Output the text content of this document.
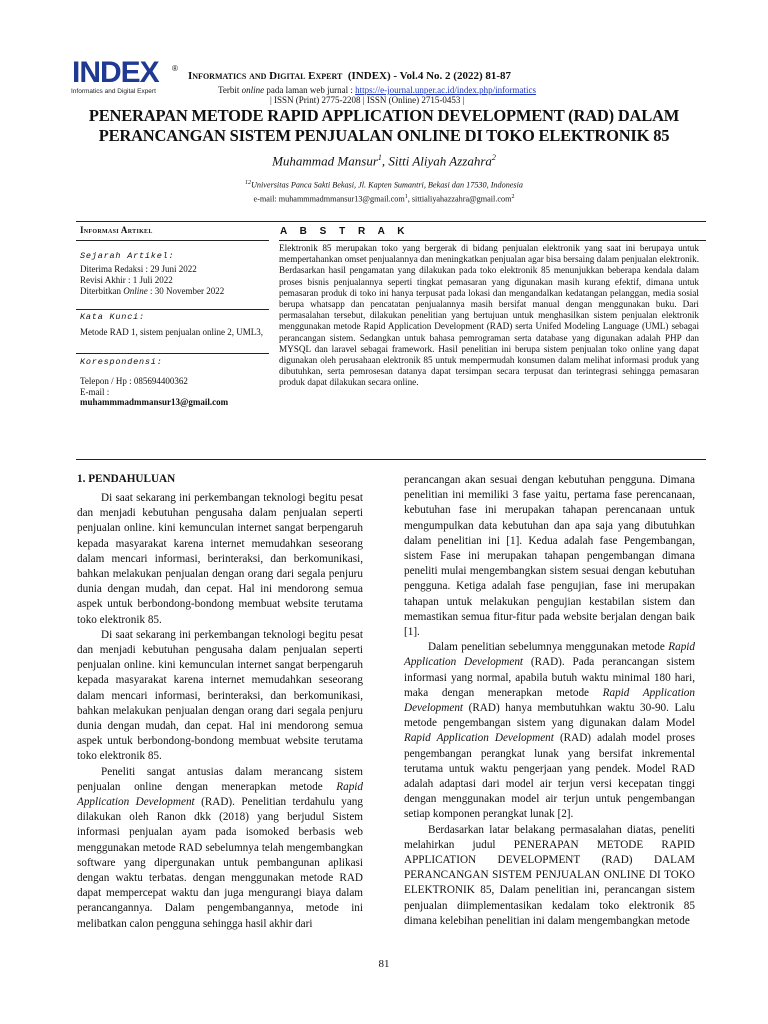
INDEX ®
Informatics and Digital Expert
Informatics and Digital Expert (INDEX) - Vol.4 No. 2 (2022) 81-87
Terbit online pada laman web jurnal : https://e-journal.unper.ac.id/index.php/informatics
| ISSN (Print) 2775-2208 | ISSN (Online) 2715-0453 |
PENERAPAN METODE RAPID APPLICATION DEVELOPMENT (RAD) DALAM
PERANCANGAN SISTEM PENJUALAN ONLINE DI TOKO ELEKTRONIK 85
Muhammad Mansur$^1$, Sitti Aliyah Azzahra$^2$
$^{12}$Universitas Panca Sakti Bekasi, Jl. Kapten Sumantri, Bekasi dan 17530, Indonesia
e-mail: muhammmadmmansur13@gmail.com$^1$, sittialiyahazzahra@gmail.com$^2$
Informasi Artikel	A B S T R A K
Sejarah Artikel:
Diterima Redaksi : 29 Juni 2022
Revisi Akhir : 1 Juli 2022
Diterbitkan Online : 30 November 2022
Kata Kunci:
Metode RAD 1, sistem penjualan online 2, UML3,
Korespondensi:
Telepon / Hp : 085694400362
E-mail :
muhammmadmmansur13@gmail.com
Elektronik 85 merupakan toko yang bergerak di bidang penjualan elektronik yang saat ini berupaya untuk mempertahankan omset penjualannya dan meningkatkan penjualan agar bisa bersaing dalam penjualan elektronik. Berdasarkan hasil pengamatan yang dilakukan pada toko elektronik 85 menunjukkan beberapa kendala dalam proses bisnis penjualannya seperti tingkat pemasaran yang digunakan masih kurang efektif, dimana untuk pemasaran produk di toko ini hanya terpusat pada lokasi dan mengandalkan kedatangan pelanggan, media sosial berupa whatsapp dan pencatatan penjualannya masih bersifat manual dengan menggunakan buku. Dari permasalahan tersebut, dilakukan penelitian yang bertujuan untuk menghasilkan sistem penjualan elektronik menggunakan metode Rapid Application Development (RAD) serta Unifed Modeling Language (UML) sebagai perancangan sistem. Sedangkan untuk bahasa pemrograman serta database yang digunakan adalah PHP dan MYSQL dan laravel sebagai framework. Hasil penelitian ini berupa sistem penjualan toko online yang dapat digunakan oleh perusahaan elektronik 85 untuk mempermudah konsumen dalam melihat informasi produk yang dibutuhkan, serta pemrosesan datanya dapat tersimpan secara terpusat dan terintegrasi sehingga pemasaran produk dapat dilakukan secara online.
1. PENDAHULUAN

Di saat sekarang ini perkembangan teknologi begitu pesat dan menjadi kebutuhan pengusaha dalam penjualan seperti penjualan online. kini kemunculan internet sangat berpengaruh kepada masyarakat karena internet memudahkan seseorang dalam mencari informasi, berinteraksi, dan berkomunikasi, bahkan melakukan penjualan dengan orang dari segala penjuru dunia dengan mudah, dan cepat. Hal ini mendorong semua aspek untuk berbondong-bondong membuat website terutama toko elektronik 85.

Di saat sekarang ini perkembangan teknologi begitu pesat dan menjadi kebutuhan pengusaha dalam penjualan seperti penjualan online. kini kemunculan internet sangat berpengaruh kepada masyarakat karena internet memudahkan seseorang dalam mencari informasi, berinteraksi, dan berkomunikasi, bahkan melakukan penjualan dengan orang dari segala penjuru dunia dengan mudah, dan cepat. Hal ini mendorong semua aspek untuk berbondong-bondong membuat website terutama toko elektronik 85.

Peneliti sangat antusias dalam merancang sistem penjualan online dengan menerapkan metode Rapid Application Development (RAD). Penelitian terdahulu yang dilakukan oleh Ranon dkk (2018) yang berjudul Sistem informasi penjualan ayam pada isomoked berbasis web menggunakan metode RAD sebelumnya telah mengembangkan software yang dipergunakan untuk pembangunan aplikasi dengan waktu terbatas. dengan menggunakan metode RAD dapat mempercepat waktu dan juga mengurangi biaya dalam perancangannya. Dalam pengembangannya, metode ini melibatkan calon pengguna sehingga hasil akhir dari

perancangan akan sesuai dengan kebutuhan pengguna. Dimana penelitian ini memiliki 3 fase yaitu, pertama fase perencanaan, kebutuhan fase ini merupakan tahapan perencanaan untuk mengumpulkan data kebutuhan dan apa saja yang dibutuhkan dalam penelitian ini [1]. Kedua adalah fase Pengembangan, sistem Fase ini merupakan tahapan pengembangan dimana peneliti mulai mengembangkan sistem sesuai dengan kebutuhan pengguna. Ketiga adalah fase pengujian, fase ini merupakan tahapan untuk melakukan pengujian kestabilan sistem dan memastikan semua fitur-fitur pada website berjalan dengan baik [1].

Dalam penelitian sebelumnya menggunakan metode Rapid Application Development (RAD). Pada perancangan sistem informasi yang normal, apabila butuh waktu minimal 180 hari, maka dengan menerapkan metode Rapid Application Development (RAD) hanya membutuhkan waktu 30-90. Lalu metode pengembangan sistem yang digunakan dalam Model Rapid Application Development (RAD) adalah model proses pengembangan perangkat lunak yang bersifat inkremental terutama untuk waktu pengerjaan yang pendek. Model RAD adalah adaptasi dari model air terjun versi kecepatan tinggi dengan menggunakan model air terjun untuk pengembangan setiap komponen perangkat lunak [2].

Berdasarkan latar belakang permasalahan diatas, peneliti melahirkan judul PENERAPAN METODE RAPID APPLICATION DEVELOPMENT (RAD) DALAM PERANCANGAN SISTEM PENJUALAN ONLINE DI TOKO ELEKTRONIK 85, Dalam penelitian ini, perancangan sistem penjualan diimplementasikan kedalam toko elektronik 85 dimana kelebihan penelitian ini dalam mengembangkan metode

81
